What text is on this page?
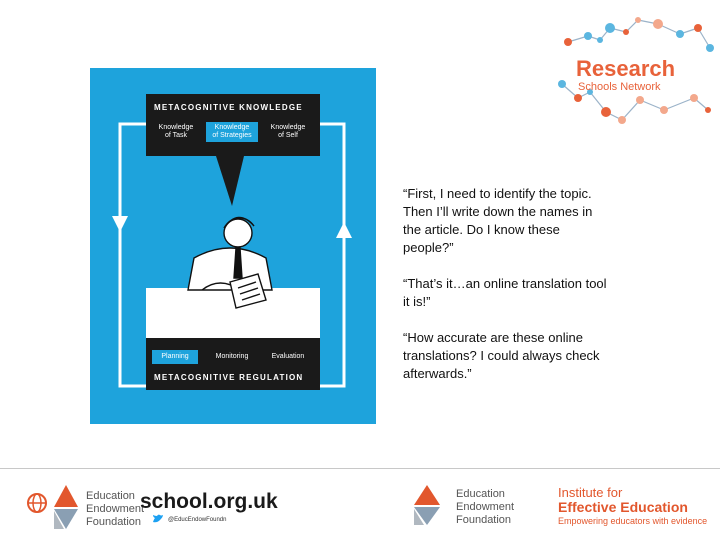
Research
Schools Network
METACOGNITIVE KNOWLEDGE
Knowledge
of Task
Knowledge
of Strategies
Knowledge
of Self
Planning	Monitoring	Evaluation
METACOGNITIVE REGULATION
“First, I need to identify the topic. Then I’ll write down the names in the article. Do I know these people?”
“That’s it…an online translation tool it is!”
“How accurate are these online translations? I could always check afterwards.”
Education
Endowment
Foundation
school.org.uk
@EducEndowFoundn
Education
Endowment
Foundation
Institute for
Effective Education
Empowering educators with evidence
